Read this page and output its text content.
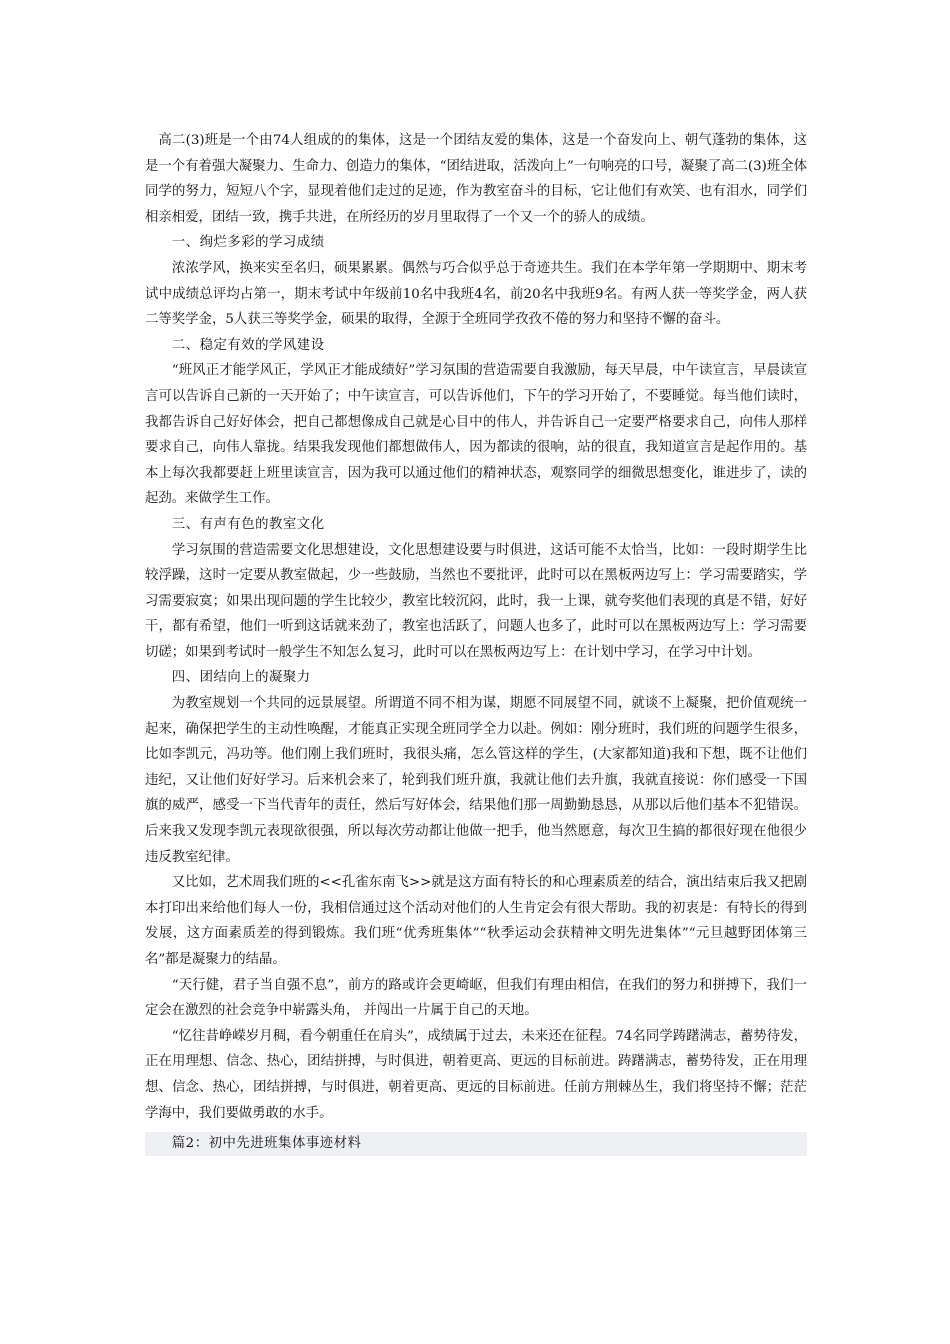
高二(3)班是一个由74人组成的的集体，这是一个团结友爱的集体，这是一个奋发向上、朝气蓬勃的集体，这是一个有着强大凝聚力、生命力、创造力的集体，“团结进取，活泼向上”一句响亮的口号，凝聚了高二(3)班全体同学的努力，短短八个字，显现着他们走过的足迹，作为教室奋斗的目标，它让他们有欢笑、也有泪水，同学们相亲相爱，团结一致，携手共进，在所经历的岁月里取得了一个又一个的骄人的成绩。

一、绚烂多彩的学习成绩

浓浓学风，换来实至名归，硕果累累。偶然与巧合似乎总于奇迹共生。我们在本学年第一学期期中、期末考试中成绩总评均占第一，期末考试中年级前10名中我班4名，前20名中我班9名。有两人获一等奖学金，两人获二等奖学金，5人获三等奖学金，硕果的取得，全源于全班同学孜孜不倦的努力和坚持不懈的奋斗。

二、稳定有效的学风建设

“班风正才能学风正，学风正才能成绩好”学习氛围的营造需要自我激励，每天早晨，中午读宣言，早晨读宣言可以告诉自己新的一天开始了；中午读宣言，可以告诉他们，下午的学习开始了，不要睡觉。每当他们读时，我都告诉自己好好体会，把自己都想像成自己就是心目中的伟人，并告诉自己一定要严格要求自己，向伟人那样要求自己，向伟人靠拢。结果我发现他们都想做伟人，因为都读的很响，站的很直，我知道宣言是起作用的。基本上每次我都要赶上班里读宣言，因为我可以通过他们的精神状态，观察同学的细微思想变化，谁进步了，读的起劲。来做学生工作。

三、有声有色的教室文化

学习氛围的营造需要文化思想建设，文化思想建设要与时俱进，这话可能不太恰当，比如：一段时期学生比较浮躁，这时一定要从教室做起，少一些鼓励，当然也不要批评，此时可以在黑板两边写上：学习需要踏实，学习需要寂寞；如果出现问题的学生比较少，教室比较沉闷，此时，我一上课，就夸奖他们表现的真是不错，好好干，都有希望，他们一听到这话就来劲了，教室也活跃了，问题人也多了，此时可以在黑板两边写上：学习需要切磋；如果到考试时一般学生不知怎么复习，此时可以在黑板两边写上：在计划中学习，在学习中计划。

四、团结向上的凝聚力

为教室规划一个共同的远景展望。所谓道不同不相为谋，期愿不同展望不同，就谈不上凝聚，把价值观统一起来，确保把学生的主动性唤醒，才能真正实现全班同学全力以赴。例如：刚分班时，我们班的问题学生很多，比如李凯元，冯功等。他们刚上我们班时，我很头痛，怎么管这样的学生，(大家都知道)我和下想，既不让他们违纪，又让他们好好学习。后来机会来了，轮到我们班升旗，我就让他们去升旗，我就直接说：你们感受一下国旗的威严，感受一下当代青年的责任，然后写好体会，结果他们那一周勤勤恳恳，从那以后他们基本不犯错误。后来我又发现李凯元表现欲很强，所以每次劳动都让他做一把手，他当然愿意，每次卫生搞的都很好现在他很少违反教室纪律。

又比如，艺术周我们班的<<孔雀东南飞>>就是这方面有特长的和心理素质差的结合，演出结束后我又把剧本打印出来给他们每人一份，我相信通过这个活动对他们的人生肯定会有很大帮助。我的初衷是：有特长的得到发展，这方面素质差的得到锻炼。我们班“优秀班集体”“秋季运动会获精神文明先进集体”“元旦越野团体第三名”都是凝聚力的结晶。

“天行健，君子当自强不息”，前方的路或许会更崎岖，但我们有理由相信，在我们的努力和拼搏下，我们一定会在激烈的社会竞争中崭露头角， 并闯出一片属于自己的天地。

“忆往昔峥嵘岁月稠，看今朝重任在肩头”，成绩属于过去，未来还在征程。74名同学踌躇满志，蓄势待发，正在用理想、信念、热心，团结拼搏，与时俱进，朝着更高、更远的目标前进。踌躇满志，蓄势待发，正在用理想、信念、热心，团结拼搏，与时俱进，朝着更高、更远的目标前进。任前方荆棘丛生，我们将坚持不懈；茫茫学海中，我们要做勇敢的水手。

篇2：初中先进班集体事迹材料
